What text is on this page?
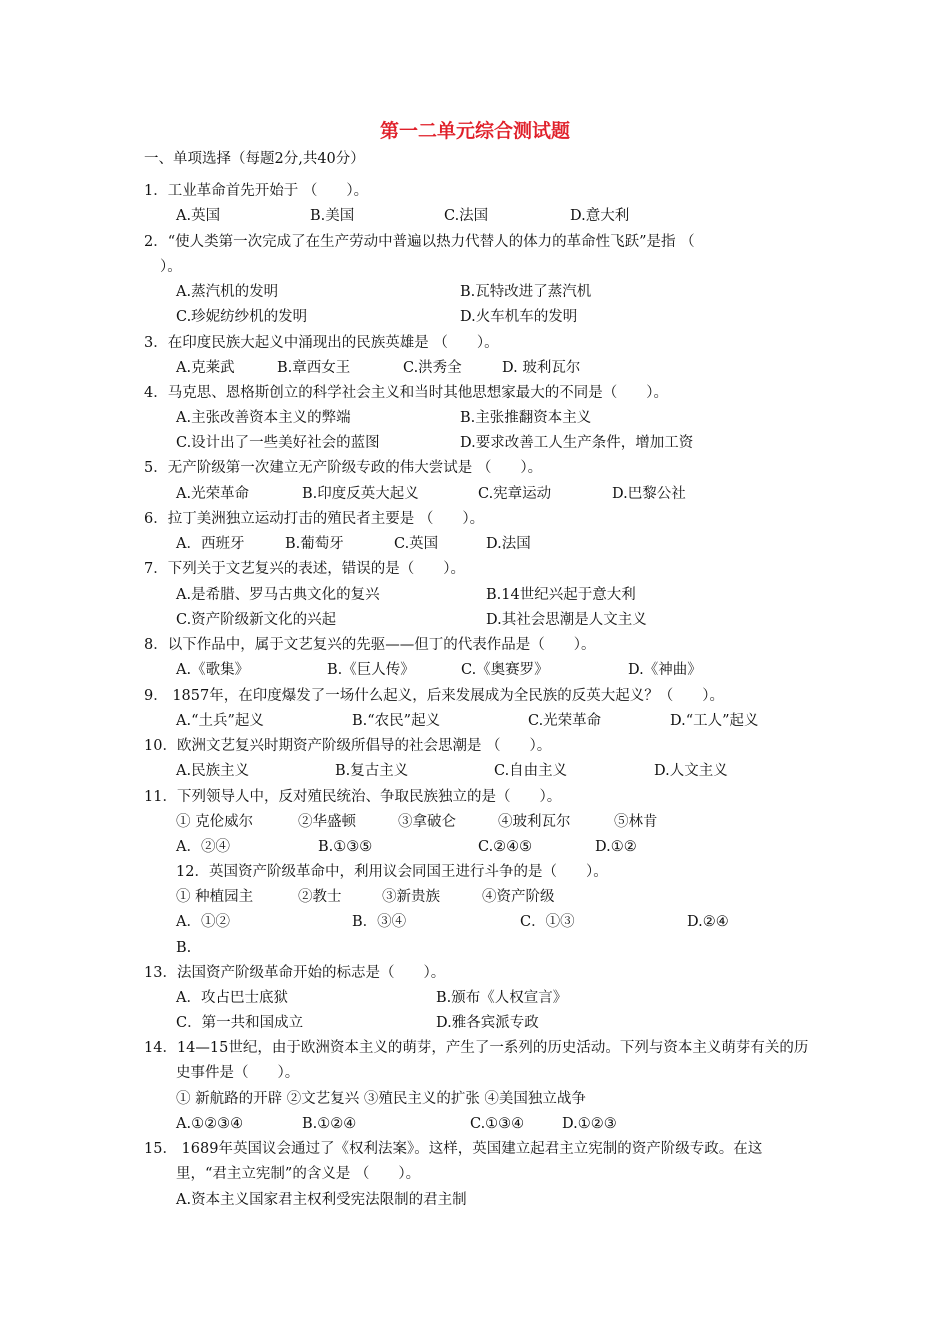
第一二单元综合测试题
一、单项选择（每题2分,共40分）
1．工业革命首先开始于 （　　）。
A.英国	B.美国	C.法国	D.意大利
2．“使人类第一次完成了在生产劳动中普遍以热力代替人的体力的革命性飞跃”是指 （
）。
A.蒸汽机的发明	B.瓦特改进了蒸汽机
C.珍妮纺纱机的发明	D.火车机车的发明
3．在印度民族大起义中涌现出的民族英雄是 （　　）。
A.克莱武	B.章西女王	C.洪秀全	D. 玻利瓦尔
4．马克思、恩格斯创立的科学社会主义和当时其他思想家最大的不同是（　　）。
A.主张改善资本主义的弊端	B.主张推翻资本主义
C.设计出了一些美好社会的蓝图	D.要求改善工人生产条件，增加工资
5．无产阶级第一次建立无产阶级专政的伟大尝试是 （　　）。
A.光荣革命	B.印度反英大起义	C.宪章运动	D.巴黎公社
6．拉丁美洲独立运动打击的殖民者主要是 （　　）。
A．西班牙	B.葡萄牙	C.英国	D.法国
7．下列关于文艺复兴的表述，错误的是（　　）。
A.是希腊、罗马古典文化的复兴	B.14世纪兴起于意大利
C.资产阶级新文化的兴起	D.其社会思潮是人文主义
8．以下作品中，属于文艺复兴的先驱——但丁的代表作品是（　　）。
A.《歌集》	B.《巨人传》	C.《奥赛罗》	D.《神曲》
9． 1857年，在印度爆发了一场什么起义，后来发展成为全民族的反英大起义？（　　）。
A.“土兵”起义	B.“农民”起义	C.光荣革命	D.“工人”起义
10．欧洲文艺复兴时期资产阶级所倡导的社会思潮是 （　　）。
A.民族主义	B.复古主义	C.自由主义	D.人文主义
11．下列领导人中，反对殖民统治、争取民族独立的是（　　）。
① 克伦威尔	②华盛顿	③拿破仑	④玻利瓦尔	⑤林肯
A．②④	B.①③⑤	C.②④⑤	D.①②
12．英国资产阶级革命中，利用议会同国王进行斗争的是（　　）。
① 种植园主	②教士	③新贵族	④资产阶级
A．①②	B．③④	C．①③	D.②④
B.
13．法国资产阶级革命开始的标志是（　　）。
A．攻占巴士底狱	B.颁布《人权宣言》
C．第一共和国成立	D.雅各宾派专政
14．14—15世纪，由于欧洲资本主义的萌芽，产生了一系列的历史活动。下列与资本主义萌芽有关的历史事件是（　　）。
① 新航路的开辟 ②文艺复兴 ③殖民主义的扩张 ④美国独立战争
A.①②③④	B.①②④	C.①③④	D.①②③
15． 1689年英国议会通过了《权利法案》。这样，英国建立起君主立宪制的资产阶级专政。在这里，“君主立宪制”的含义是 （　　）。
A.资本主义国家君主权利受宪法限制的君主制
